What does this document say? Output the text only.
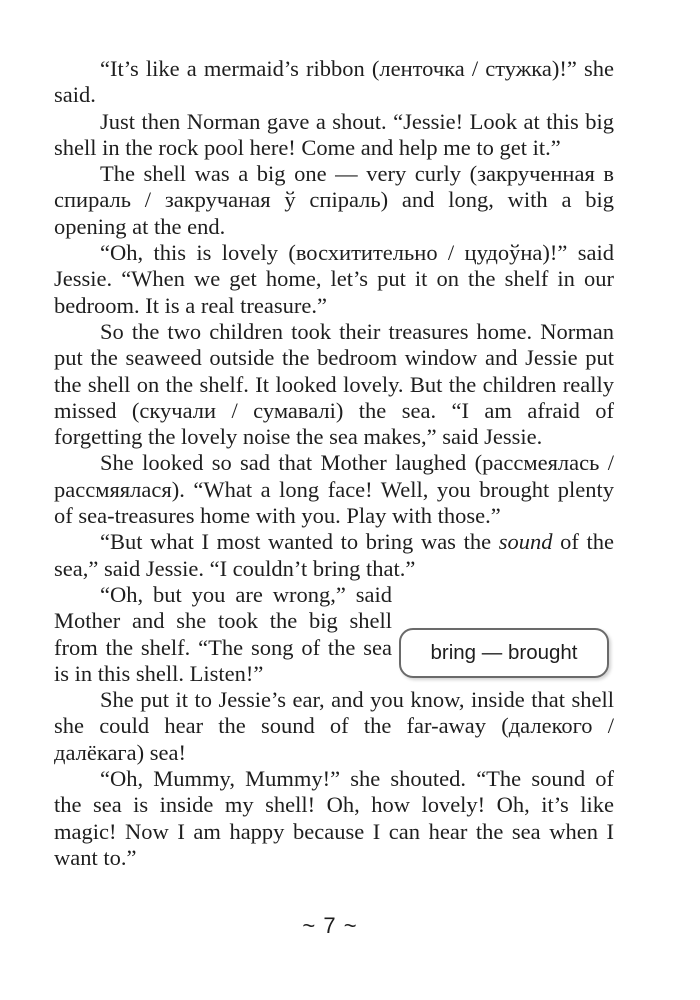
“It’s like a mermaid’s ribbon (ленточка / стужка)!” she said.

Just then Norman gave a shout. “Jessie! Look at this big shell in the rock pool here! Come and help me to get it.”

The shell was a big one — very curly (закрученная в спираль / закручаная ў спіраль) and long, with a big opening at the end.

“Oh, this is lovely (восхитительно / цудоўна)!” said Jessie. “When we get home, let’s put it on the shelf in our bedroom. It is a real treasure.”

So the two children took their treasures home. Norman put the seaweed outside the bedroom window and Jessie put the shell on the shelf. It looked lovely. But the children really missed (скучали / сумавалі) the sea. “I am afraid of forgetting the lovely noise the sea makes,” said Jessie.

She looked so sad that Mother laughed (рассмеялась / рассмяялася). “What a long face! Well, you brought plenty of sea-treasures home with you. Play with those.”

“But what I most wanted to bring was the sound of the sea,” said Jessie. “I couldn’t bring that.”

“Oh, but you are wrong,” said Mother and she took the big shell from the shelf. “The song of the sea is in this shell. Listen!”

She put it to Jessie’s ear, and you know, inside that shell she could hear the sound of the far-away (далекого / далёкага) sea!

“Oh, Mummy, Mummy!” she shouted. “The sound of the sea is inside my shell! Oh, how lovely! Oh, it’s like magic! Now I am happy because I can hear the sea when I want to.”

bring — brought
~ 7 ~
